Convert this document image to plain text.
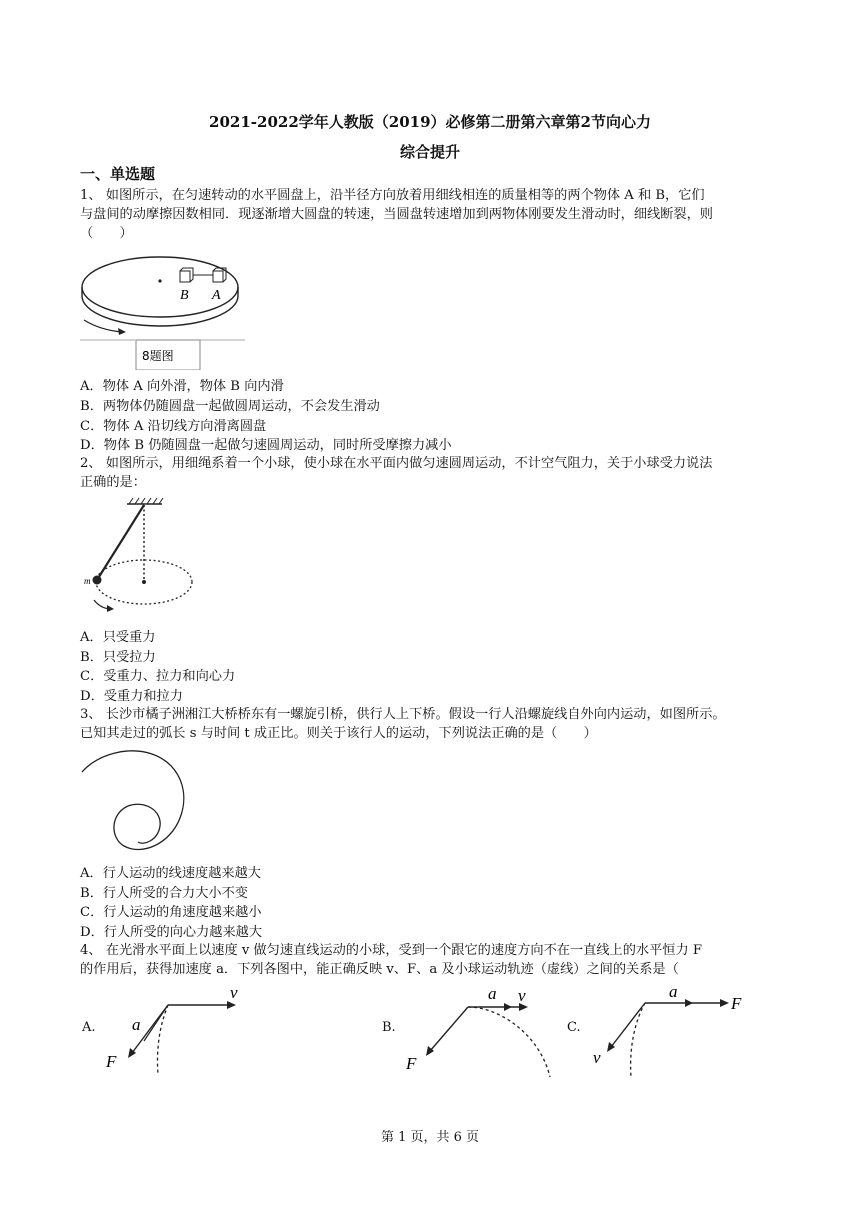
2021-2022学年人教版（2019）必修第二册第六章第2节向心力
综合提升
一、单选题
1、 如图所示，在匀速转动的水平圆盘上，沿半径方向放着用细线相连的质量相等的两个物体 A 和 B，它们
与盘间的动摩擦因数相同．现逐渐增大圆盘的转速，当圆盘转速增加到两物体刚要发生滑动时，细线断裂，则
（　　）
B A
8题图
A．物体 A 向外滑，物体 B 向内滑
B．两物体仍随圆盘一起做圆周运动，不会发生滑动
C．物体 A 沿切线方向滑离圆盘
D．物体 B 仍随圆盘一起做匀速圆周运动，同时所受摩擦力减小
2、 如图所示，用细绳系着一个小球，使小球在水平面内做匀速圆周运动，不计空气阻力，关于小球受力说法
正确的是：
m
A．只受重力
B．只受拉力
C．受重力、拉力和向心力
D．受重力和拉力
3、 长沙市橘子洲湘江大桥桥东有一螺旋引桥，供行人上下桥。假设一行人沿螺旋线自外向内运动，如图所示。
已知其走过的弧长 s 与时间 t 成正比。则关于该行人的运动，下列说法正确的是（　　）
A．行人运动的线速度越来越大
B．行人所受的合力大小不变
C．行人运动的角速度越来越小
D．行人所受的向心力越来越大
4、 在光滑水平面上以速度 v 做匀速直线运动的小球，受到一个跟它的速度方向不在一直线上的水平恒力 F
的作用后，获得加速度 a．下列各图中，能正确反映 v、F、a 及小球运动轨迹（虚线）之间的关系是（
A.
v
a
F
B.
a v
F
C.
a
F
v
第 1 页，共 6 页
